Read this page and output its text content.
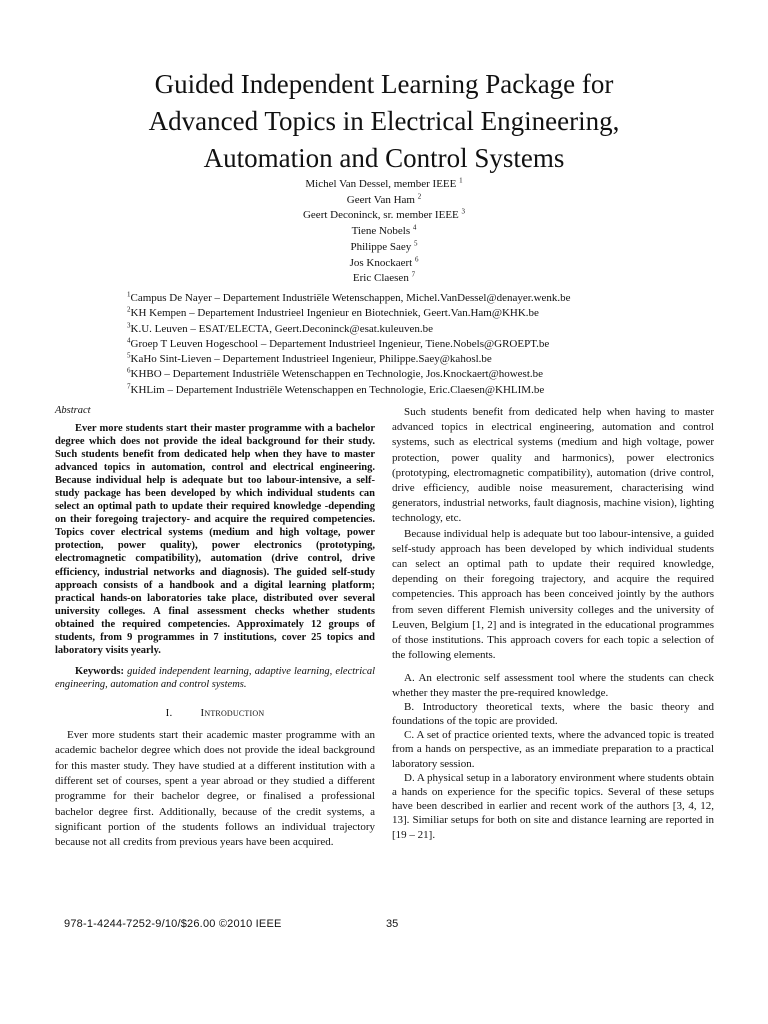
Guided Independent Learning Package for
Advanced Topics in Electrical Engineering,
Automation and Control Systems
Michel Van Dessel, member IEEE $^1$
Geert Van Ham $^2$
Geert Deconinck, sr. member IEEE $^3$
Tiene Nobels $^4$
Philippe Saey $^5$
Jos Knockaert $^6$
Eric Claesen $^7$
$^1$Campus De Nayer – Departement Industriële Wetenschappen, Michel.VanDessel@denayer.wenk.be
$^2$KH Kempen – Departement Industrieel Ingenieur en Biotechniek, Geert.Van.Ham@KHK.be
$^3$K.U. Leuven – ESAT/ELECTA, Geert.Deconinck@esat.kuleuven.be
$^4$Groep T Leuven Hogeschool – Departement Industrieel Ingenieur, Tiene.Nobels@GROEPT.be
$^5$KaHo Sint-Lieven – Departement Industrieel Ingenieur, Philippe.Saey@kahosl.be
$^6$KHBO – Departement Industriële Wetenschappen en Technologie, Jos.Knockaert@howest.be
$^7$KHLim – Departement Industriële Wetenschappen en Technologie, Eric.Claesen@KHLIM.be

Abstract

Ever more students start their master programme with a bachelor degree which does not provide the ideal background for their study. Such students benefit from dedicated help when they have to master advanced topics in automation, control and electrical engineering. Because individual help is adequate but too labour-intensive, a self-study package has been developed by which individual students can select an optimal path to update their required knowledge -depending on their foregoing trajectory- and acquire the required competencies. Topics cover electrical systems (medium and high voltage, power protection, power quality), power electronics (prototyping, electromagnetic compatibility), automation (drive control, drive efficiency, industrial networks and diagnosis). The guided self-study approach consists of a handbook and a digital learning platform; practical hands-on laboratories take place, distributed over several university colleges. A final assessment checks whether students obtained the required competencies. Approximately 12 groups of students, from 9 programmes in 7 institutions, cover 25 topics and laboratory visits yearly.

Keywords: guided independent learning, adaptive learning, electrical engineering, automation and control systems.

I.	Introduction

Ever more students start their academic master programme with an academic bachelor degree which does not provide the ideal background for this master study. They have studied at a different institution with a different set of courses, spent a year abroad or they studied a different programme for their bachelor degree, or finalised a professional bachelor degree first. Additionally, because of the credit systems, a significant portion of the students follows an individual trajectory because not all credits from previous years have been acquired.

Such students benefit from dedicated help when having to master advanced topics in electrical engineering, automation and control systems, such as electrical systems (medium and high voltage, power protection, power quality and harmonics), power electronics (prototyping, electromagnetic compatibility), automation (drive control, drive efficiency, audible noise measurement, characterising wind generators, industrial networks, fault diagnosis, machine vision), lighting technology, etc.

Because individual help is adequate but too labour-intensive, a guided self-study approach has been developed by which individual students can select an optimal path to update their required knowledge, depending on their foregoing trajectory, and acquire the required competencies. This approach has been conceived jointly by the authors from seven different Flemish university colleges and the university of Leuven, Belgium [1, 2] and is integrated in the educational programmes of those institutions. This approach covers for each topic a selection of the following elements.

A. An electronic self assessment tool where the students can check whether they master the pre-required knowledge.

B. Introductory theoretical texts, where the basic theory and foundations of the topic are provided.

C. A set of practice oriented texts, where the advanced topic is treated from a hands on perspective, as an immediate preparation to a practical laboratory session.

D. A physical setup in a laboratory environment where students obtain a hands on experience for the specific topics. Several of these setups have been described in earlier and recent work of the authors [3, 4, 12, 13]. Similiar setups for both on site and distance learning are reported in [19 – 21].

978-1-4244-7252-9/10/$26.00 ©2010 IEEE	35
